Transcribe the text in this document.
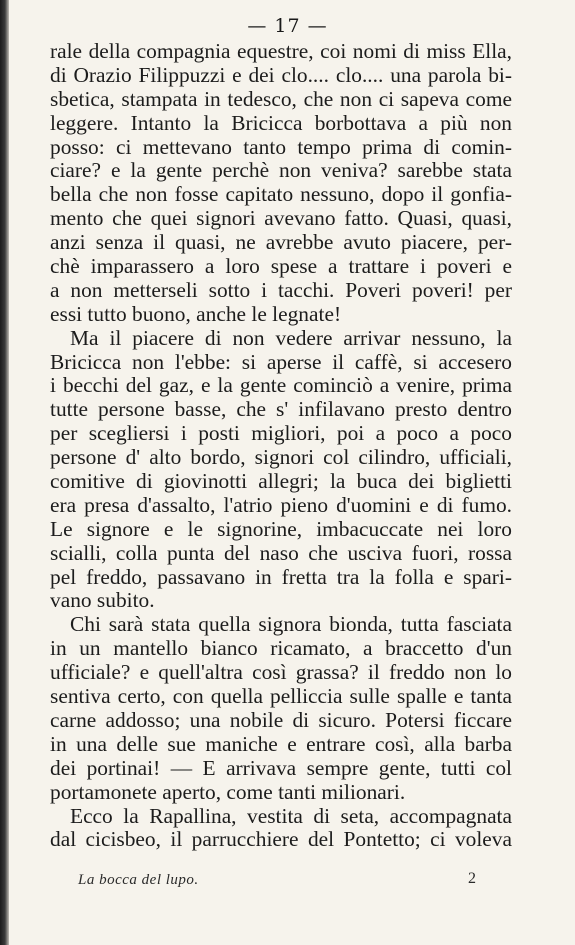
— 17 —
rale della compagnia equestre, coi nomi di miss Ella,
di Orazio Filippuzzi e dei clo.... clo.... una parola bi-
sbetica, stampata in tedesco, che non ci sapeva come
leggere. Intanto la Bricicca borbottava a più non
posso: ci mettevano tanto tempo prima di comin-
ciare? e la gente perchè non veniva? sarebbe stata
bella che non fosse capitato nessuno, dopo il gonfia-
mento che quei signori avevano fatto. Quasi, quasi,
anzi senza il quasi, ne avrebbe avuto piacere, per-
chè imparassero a loro spese a trattare i poveri e
a non metterseli sotto i tacchi. Poveri poveri! per
essi tutto buono, anche le legnate!
Ma il piacere di non vedere arrivar nessuno, la
Bricicca non l'ebbe: si aperse il caffè, si accesero
i becchi del gaz, e la gente cominciò a venire, prima
tutte persone basse, che s' infilavano presto dentro
per scegliersi i posti migliori, poi a poco a poco
persone d' alto bordo, signori col cilindro, ufficiali,
comitive di giovinotti allegri; la buca dei biglietti
era presa d'assalto, l'atrio pieno d'uomini e di fumo.
Le signore e le signorine, imbacuccate nei loro
scialli, colla punta del naso che usciva fuori, rossa
pel freddo, passavano in fretta tra la folla e spari-
vano subito.
Chi sarà stata quella signora bionda, tutta fasciata
in un mantello bianco ricamato, a braccetto d'un
ufficiale? e quell'altra così grassa? il freddo non lo
sentiva certo, con quella pelliccia sulle spalle e tanta
carne addosso; una nobile di sicuro. Potersi ficcare
in una delle sue maniche e entrare così, alla barba
dei portinai! — E arrivava sempre gente, tutti col
portamonete aperto, come tanti milionari.
Ecco la Rapallina, vestita di seta, accompagnata
dal cicisbeo, il parrucchiere del Pontetto; ci voleva
La bocca del lupo.	2
